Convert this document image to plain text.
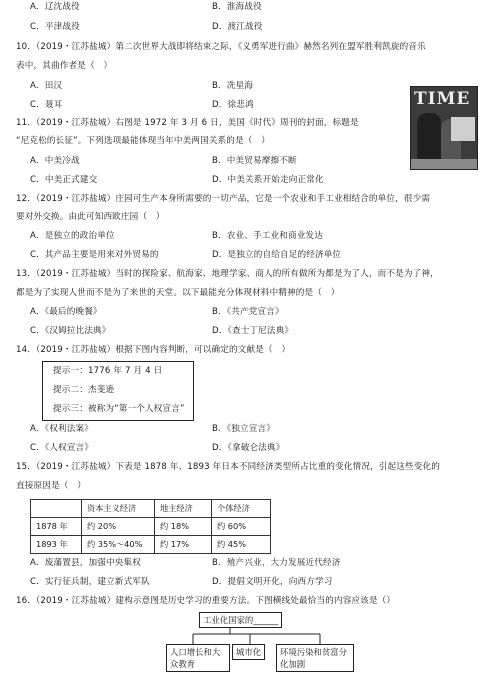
A．辽沈战役	B．淮海战役
C．平津战役	D．渡江战役
10．（2019・江苏盐城）第二次世界大战即将结束之际，《义勇军进行曲》赫然名列在盟军胜利凯旋的音乐
表中，其曲作者是（　）
A．田汉	B．冼星海
C．聂耳	D．徐悲鸿	TIME
11．（2019・江苏盐城）右图是 1972 年 3 月 6 日，美国《时代》周刊的封面，标题是
“尼克松的长征”。下列选项最能体现当年中美两国关系的是（　）
A．中美冷战	B．中美贸易摩擦不断
C．中美正式建交	D．中美关系开始走向正常化
12．（2019・江苏盐城）庄园可生产本身所需要的一切产品，它是一个农业和手工业相结合的单位，很少需
要对外交换。由此可知西欧庄园（　）
A．是独立的政治单位	B．农业、手工业和商业发达
C．其产品主要是用来对外贸易的	D．是独立的自给自足的经济单位
13．（2019・江苏盐城）当时的探险家、航海家、地理学家、商人的所有做所为都是为了人，而不是为了神，
都是为了实现人世而不是为了来世的天堂。以下最能充分体现材料中精神的是（　）
A．《最后的晚餐》	B．《共产党宣言》
C．《汉姆拉比法典》	D．《查士丁尼法典》
14．（2019・江苏盐城）根据下图内容判断，可以确定的文献是（　）
提示一：1776 年 7 月 4 日
提示二：杰斐逊
提示三：被称为“第一个人权宣言”
A．《权利法案》	B．《独立宣言》
C．《人权宣言》	D．《拿破仑法典》
15．（2019・江苏盐城）下表是 1878 年、1893 年日本不同经济类型所占比重的变化情况，引起这些变化的
直接原因是（　）
	资本主义经济	地主经济	个体经济
1878 年	约 20%	约 18%	约 60%
1893 年	约 35%～40%	约 17%	约 45%
A．废藩置县，加强中央集权	B．殖产兴业，大力发展近代经济
C．实行征兵制，建立新式军队	D．提倡文明开化，向西方学习
16．（2019・江苏盐城）建构示意图是历史学习的重要方法。下图横线处最恰当的内容应该是（）
工业化国家的______
人口增长和大众教育
城市化	环境污染和贫富分化加剧
